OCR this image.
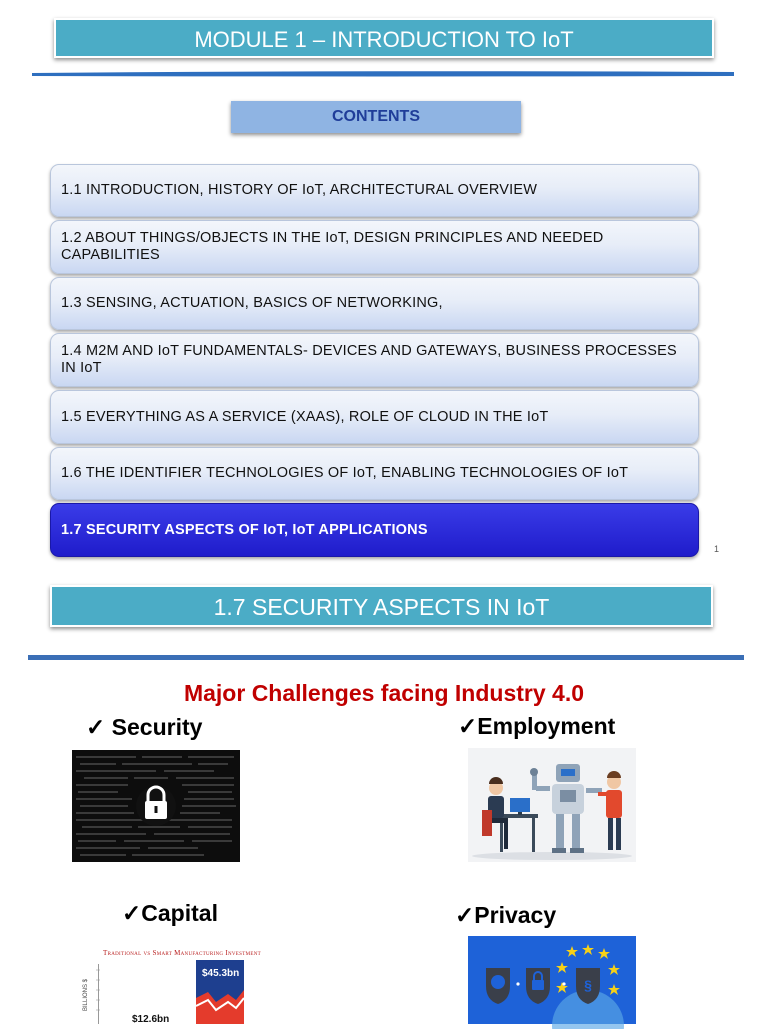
MODULE 1 – INTRODUCTION TO IoT
CONTENTS
1.1 INTRODUCTION, HISTORY OF IoT, ARCHITECTURAL OVERVIEW
1.2 ABOUT THINGS/OBJECTS IN THE IoT, DESIGN PRINCIPLES AND NEEDED CAPABILITIES
1.3 SENSING, ACTUATION, BASICS OF NETWORKING,
1.4 M2M AND IoT FUNDAMENTALS- DEVICES AND GATEWAYS, BUSINESS PROCESSES IN IoT
1.5 EVERYTHING AS A SERVICE (XAAS), ROLE OF CLOUD IN THE IoT
1.6 THE IDENTIFIER TECHNOLOGIES OF IoT, ENABLING TECHNOLOGIES OF IoT
1.7 SECURITY ASPECTS OF IoT, IoT APPLICATIONS
1
1.7 SECURITY ASPECTS IN IoT
Major Challenges facing Industry 4.0
✓ Security	✓Employment
✓Capital	✓Privacy
Traditional vs Smart Manufacturing Investment
BILLIONS $
$45.3bn
$12.6bn
§
